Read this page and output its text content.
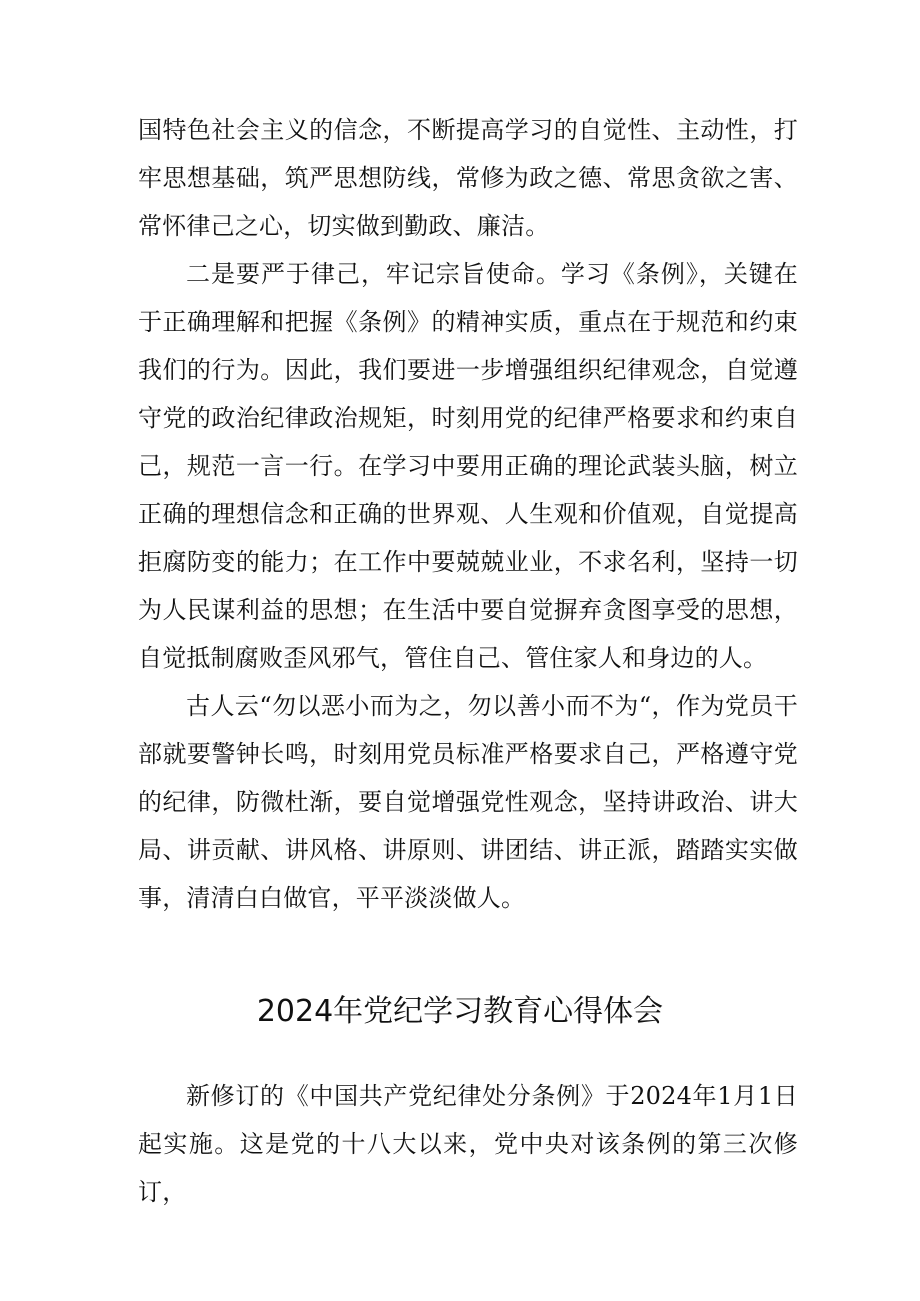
国特色社会主义的信念，不断提高学习的自觉性、主动性，打牢思想基础，筑严思想防线，常修为政之德、常思贪欲之害、常怀律己之心，切实做到勤政、廉洁。

二是要严于律己，牢记宗旨使命。学习《条例》，关键在于正确理解和把握《条例》的精神实质，重点在于规范和约束我们的行为。因此，我们要进一步增强组织纪律观念，自觉遵守党的政治纪律政治规矩，时刻用党的纪律严格要求和约束自己，规范一言一行。在学习中要用正确的理论武装头脑，树立正确的理想信念和正确的世界观、人生观和价值观，自觉提高拒腐防变的能力；在工作中要兢兢业业，不求名利，坚持一切为人民谋利益的思想；在生活中要自觉摒弃贪图享受的思想，自觉抵制腐败歪风邪气，管住自己、管住家人和身边的人。

古人云“勿以恶小而为之，勿以善小而不为“，作为党员干部就要警钟长鸣，时刻用党员标准严格要求自己，严格遵守党的纪律，防微杜渐，要自觉增强党性观念，坚持讲政治、讲大局、讲贡献、讲风格、讲原则、讲团结、讲正派，踏踏实实做事，清清白白做官，平平淡淡做人。

2024年党纪学习教育心得体会

新修订的《中国共产党纪律处分条例》于2024年1月1日起实施。这是党的十八大以来，党中央对该条例的第三次修订，
